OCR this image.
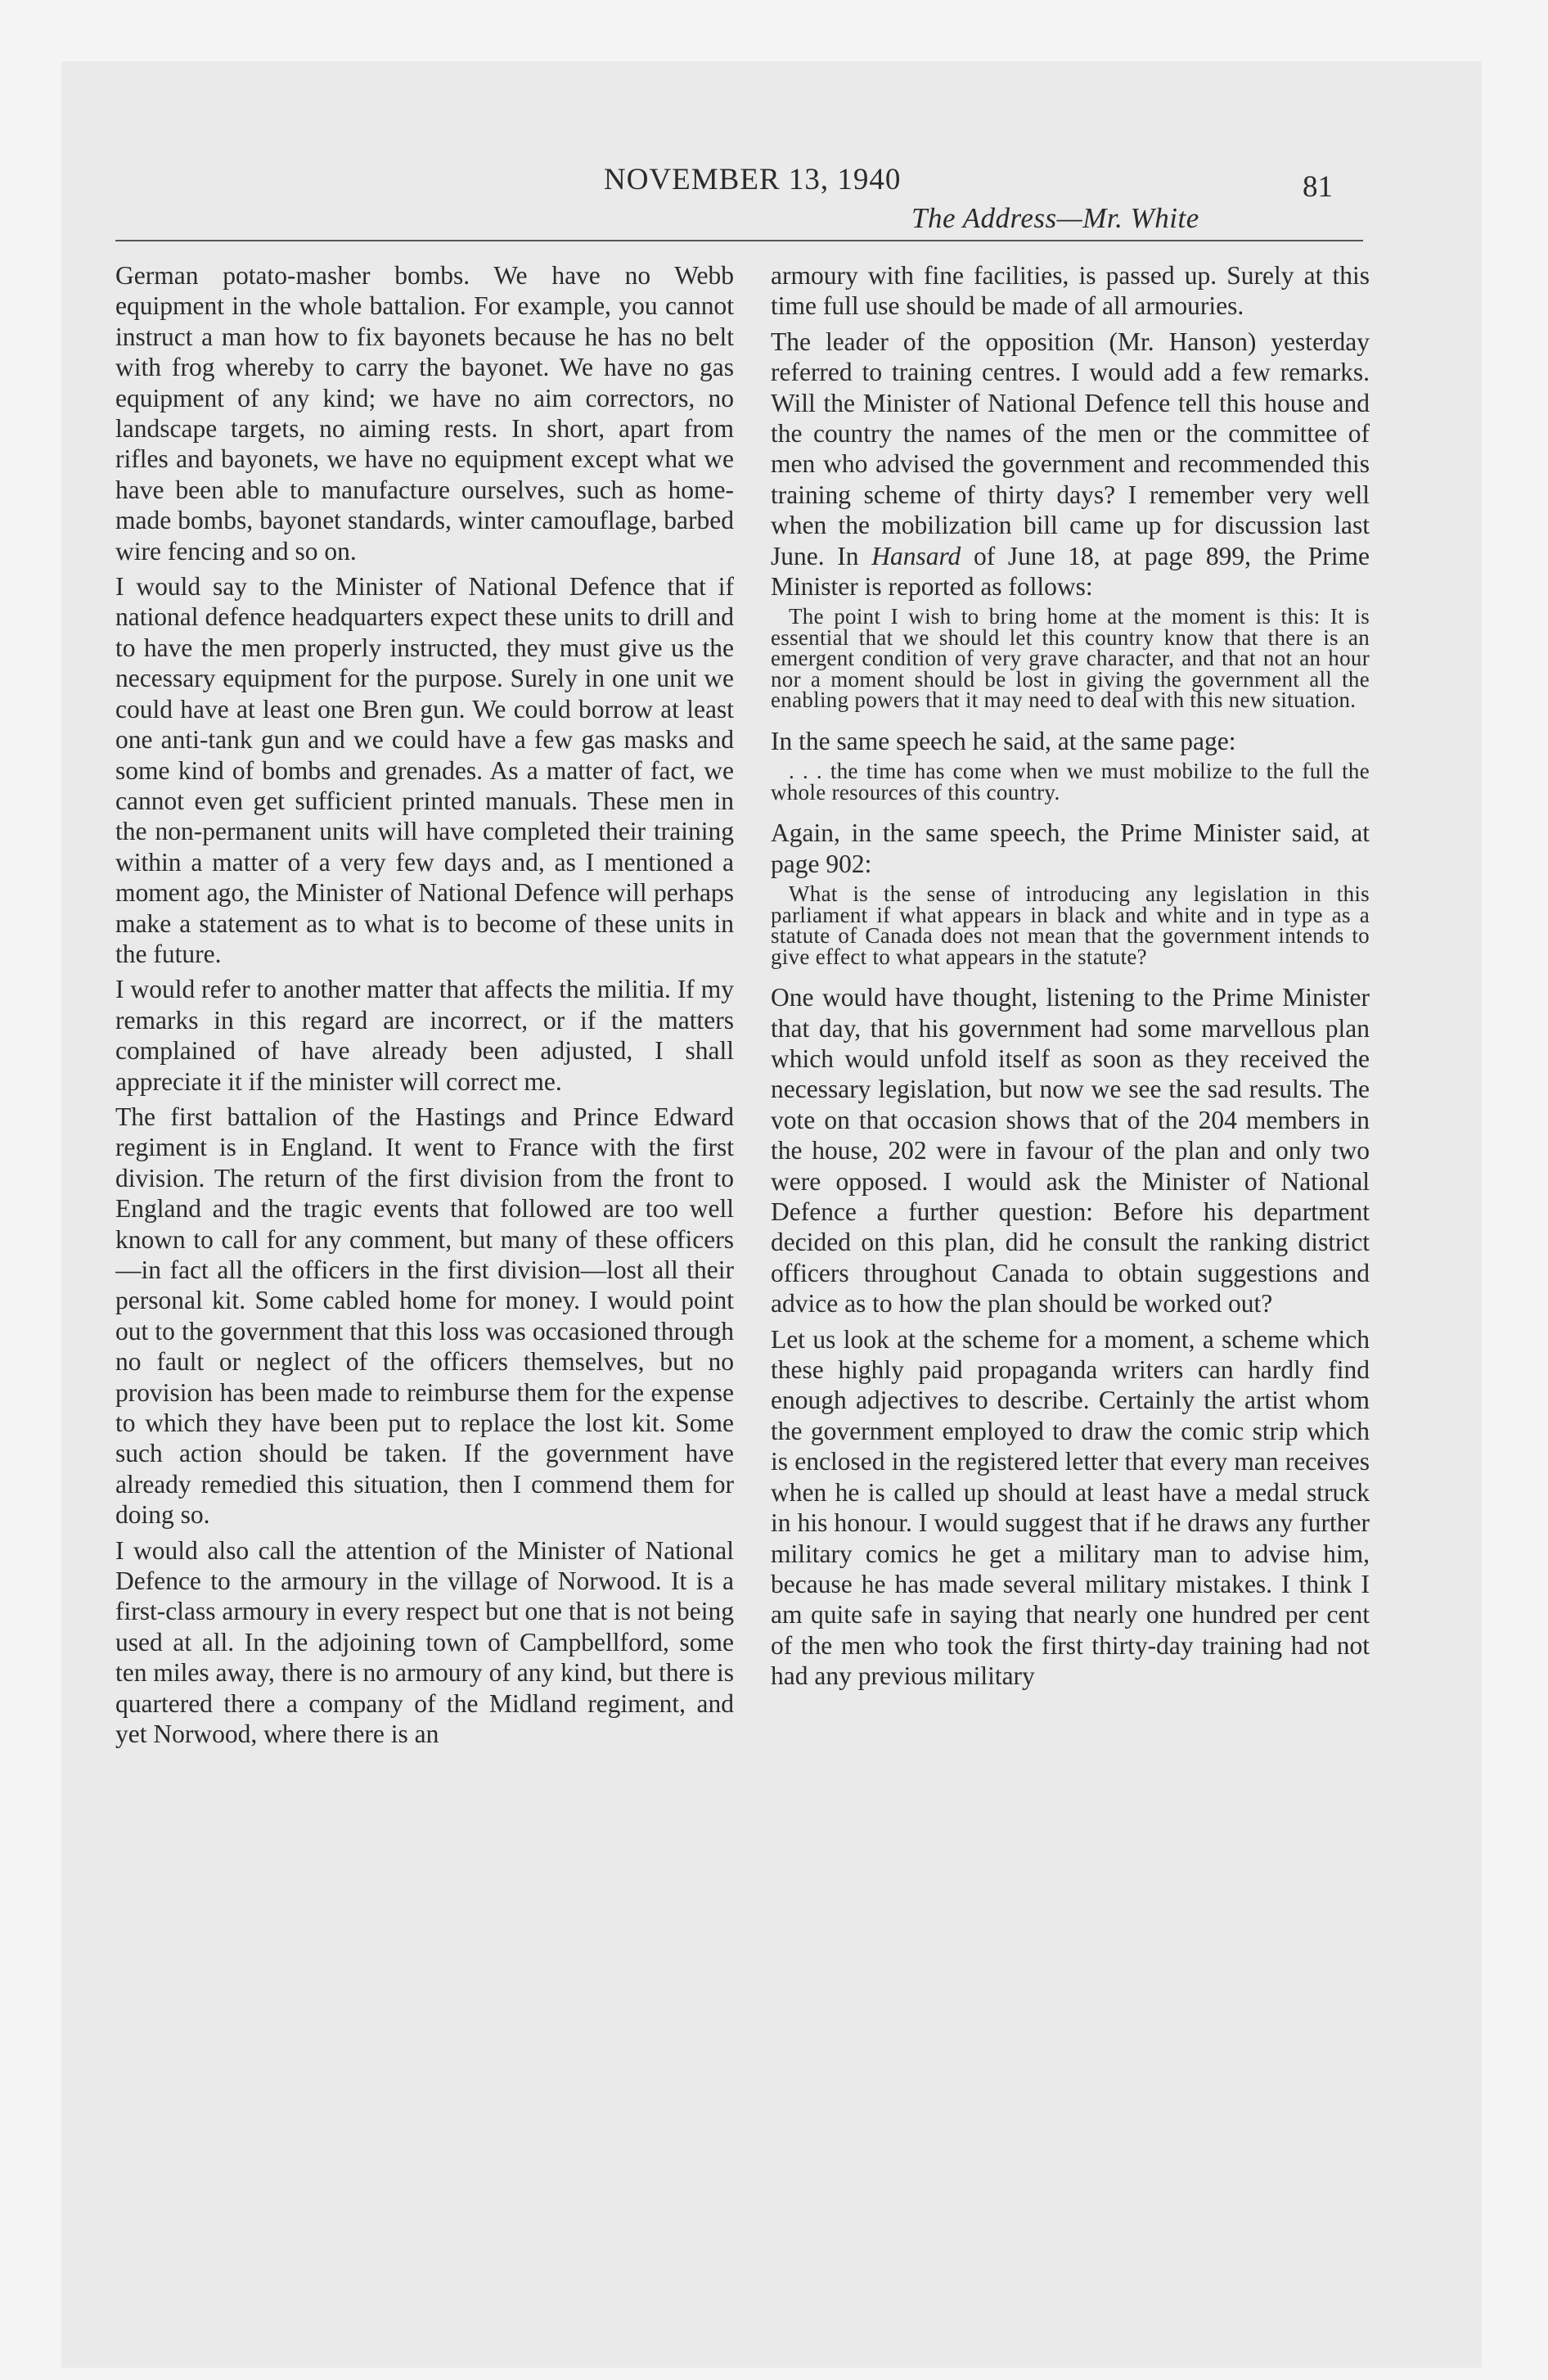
NOVEMBER 13, 1940
The Address—Mr. White
81

German potato-masher bombs. We have no Webb equipment in the whole battalion. For example, you cannot instruct a man how to fix bayonets because he has no belt with frog whereby to carry the bayonet. We have no gas equipment of any kind; we have no aim correctors, no landscape targets, no aiming rests. In short, apart from rifles and bayonets, we have no equipment except what we have been able to manufacture ourselves, such as home-made bombs, bayonet standards, winter camouflage, barbed wire fencing and so on.

I would say to the Minister of National Defence that if national defence headquarters expect these units to drill and to have the men properly instructed, they must give us the necessary equipment for the purpose. Surely in one unit we could have at least one Bren gun. We could borrow at least one anti-tank gun and we could have a few gas masks and some kind of bombs and grenades. As a matter of fact, we cannot even get sufficient printed manuals. These men in the non-permanent units will have completed their training within a matter of a very few days and, as I mentioned a moment ago, the Minister of National Defence will perhaps make a statement as to what is to become of these units in the future.

I would refer to another matter that affects the militia. If my remarks in this regard are incorrect, or if the matters complained of have already been adjusted, I shall appreciate it if the minister will correct me.

The first battalion of the Hastings and Prince Edward regiment is in England. It went to France with the first division. The return of the first division from the front to England and the tragic events that followed are too well known to call for any comment, but many of these officers—in fact all the officers in the first division—lost all their personal kit. Some cabled home for money. I would point out to the government that this loss was occasioned through no fault or neglect of the officers themselves, but no provision has been made to reimburse them for the expense to which they have been put to replace the lost kit. Some such action should be taken. If the government have already remedied this situation, then I commend them for doing so.

I would also call the attention of the Minister of National Defence to the armoury in the village of Norwood. It is a first-class armoury in every respect but one that is not being used at all. In the adjoining town of Campbellford, some ten miles away, there is no armoury of any kind, but there is quartered there a company of the Midland regiment, and yet Norwood, where there is an

armoury with fine facilities, is passed up. Surely at this time full use should be made of all armouries.

The leader of the opposition (Mr. Hanson) yesterday referred to training centres. I would add a few remarks. Will the Minister of National Defence tell this house and the country the names of the men or the committee of men who advised the government and recommended this training scheme of thirty days? I remember very well when the mobilization bill came up for discussion last June. In Hansard of June 18, at page 899, the Prime Minister is reported as follows:

The point I wish to bring home at the moment is this: It is essential that we should let this country know that there is an emergent condition of very grave character, and that not an hour nor a moment should be lost in giving the government all the enabling powers that it may need to deal with this new situation.

In the same speech he said, at the same page:

. . . the time has come when we must mobilize to the full the whole resources of this country.

Again, in the same speech, the Prime Minister said, at page 902:

What is the sense of introducing any legislation in this parliament if what appears in black and white and in type as a statute of Canada does not mean that the government intends to give effect to what appears in the statute?

One would have thought, listening to the Prime Minister that day, that his government had some marvellous plan which would unfold itself as soon as they received the necessary legislation, but now we see the sad results. The vote on that occasion shows that of the 204 members in the house, 202 were in favour of the plan and only two were opposed. I would ask the Minister of National Defence a further question: Before his department decided on this plan, did he consult the ranking district officers throughout Canada to obtain suggestions and advice as to how the plan should be worked out?

Let us look at the scheme for a moment, a scheme which these highly paid propaganda writers can hardly find enough adjectives to describe. Certainly the artist whom the government employed to draw the comic strip which is enclosed in the registered letter that every man receives when he is called up should at least have a medal struck in his honour. I would suggest that if he draws any further military comics he get a military man to advise him, because he has made several military mistakes. I think I am quite safe in saying that nearly one hundred per cent of the men who took the first thirty-day training had not had any previous military
